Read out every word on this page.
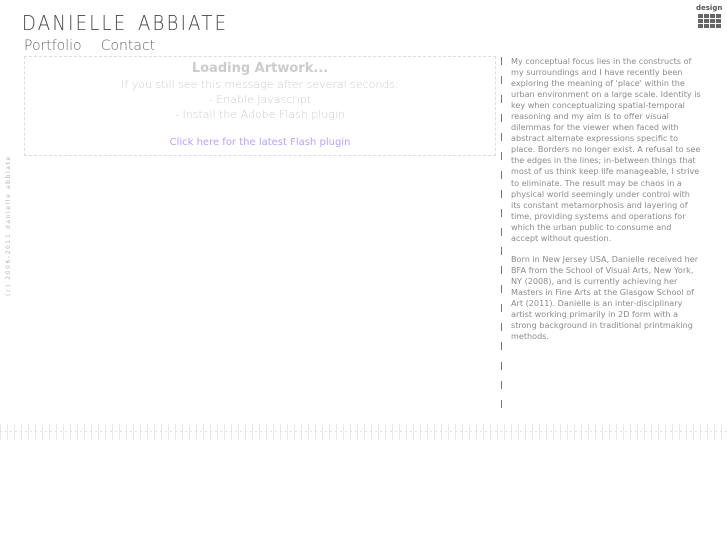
danielle abbiate
Portfolio Contact
design
(c) 2006-2011 danielle abbiate
Loading Artwork...
If you still see this message after several seconds:
- Enable Javascript
- Install the Adobe Flash plugin
Click here for the latest Flash plugin

My conceptual focus lies in the constructs of my surroundings and I have recently been exploring the meaning of 'place' within the urban environment on a large scale. Identity is key when conceptualizing spatial-temporal reasoning and my aim is to offer visual dilemmas for the viewer when faced with abstract alternate expressions specific to place. Borders no longer exist. A refusal to see the edges in the lines; in-between things that most of us think keep life manageable, I strive to eliminate. The result may be chaos in a physical world seemingly under control with its constant metamorphosis and layering of time, providing systems and operations for which the urban public to consume and accept without question.

Born in New Jersey USA, Danielle received her BFA from the School of Visual Arts, New York, NY (2008), and is currently achieving her Masters in Fine Arts at the Glasgow School of Art (2011). Danielle is an inter-disciplinary artist working primarily in 2D form with a strong background in traditional printmaking methods.
